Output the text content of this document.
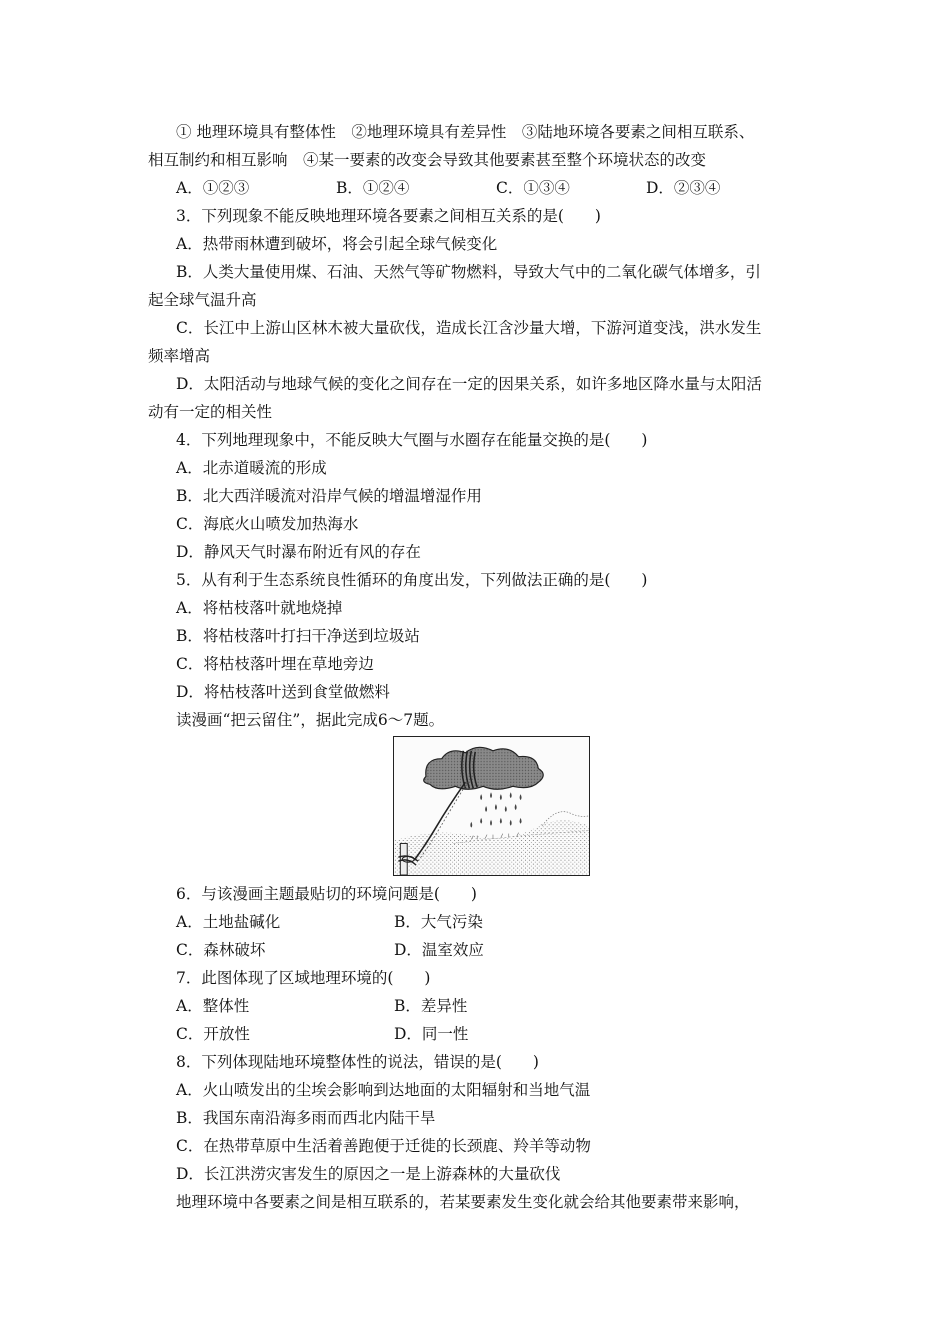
① 地理环境具有整体性　②地理环境具有差异性　③陆地环境各要素之间相互联系、
相互制约和相互影响　④某一要素的改变会导致其他要素甚至整个环境状态的改变
A．①②③	B．①②④	C．①③④	D．②③④
3．下列现象不能反映地理环境各要素之间相互关系的是(　　)
A．热带雨林遭到破坏，将会引起全球气候变化
B．人类大量使用煤、石油、天然气等矿物燃料，导致大气中的二氧化碳气体增多，引
起全球气温升高
C．长江中上游山区林木被大量砍伐，造成长江含沙量大增，下游河道变浅，洪水发生
频率增高
D．太阳活动与地球气候的变化之间存在一定的因果关系，如许多地区降水量与太阳活
动有一定的相关性
4．下列地理现象中，不能反映大气圈与水圈存在能量交换的是(　　)
A．北赤道暖流的形成
B．北大西洋暖流对沿岸气候的增温增湿作用
C．海底火山喷发加热海水
D．静风天气时瀑布附近有风的存在
5．从有利于生态系统良性循环的角度出发，下列做法正确的是(　　)
A．将枯枝落叶就地烧掉
B．将枯枝落叶打扫干净送到垃圾站
C．将枯枝落叶埋在草地旁边
D．将枯枝落叶送到食堂做燃料
读漫画“把云留住”，据此完成6～7题。
6．与该漫画主题最贴切的环境问题是(　　)
A．土地盐碱化	B．大气污染
C．森林破坏	D．温室效应
7．此图体现了区域地理环境的(　　)
A．整体性	B．差异性
C．开放性	D．同一性
8．下列体现陆地环境整体性的说法，错误的是(　　)
A．火山喷发出的尘埃会影响到达地面的太阳辐射和当地气温
B．我国东南沿海多雨而西北内陆干旱
C．在热带草原中生活着善跑便于迁徙的长颈鹿、羚羊等动物
D．长江洪涝灾害发生的原因之一是上游森林的大量砍伐
地理环境中各要素之间是相互联系的，若某要素发生变化就会给其他要素带来影响，
